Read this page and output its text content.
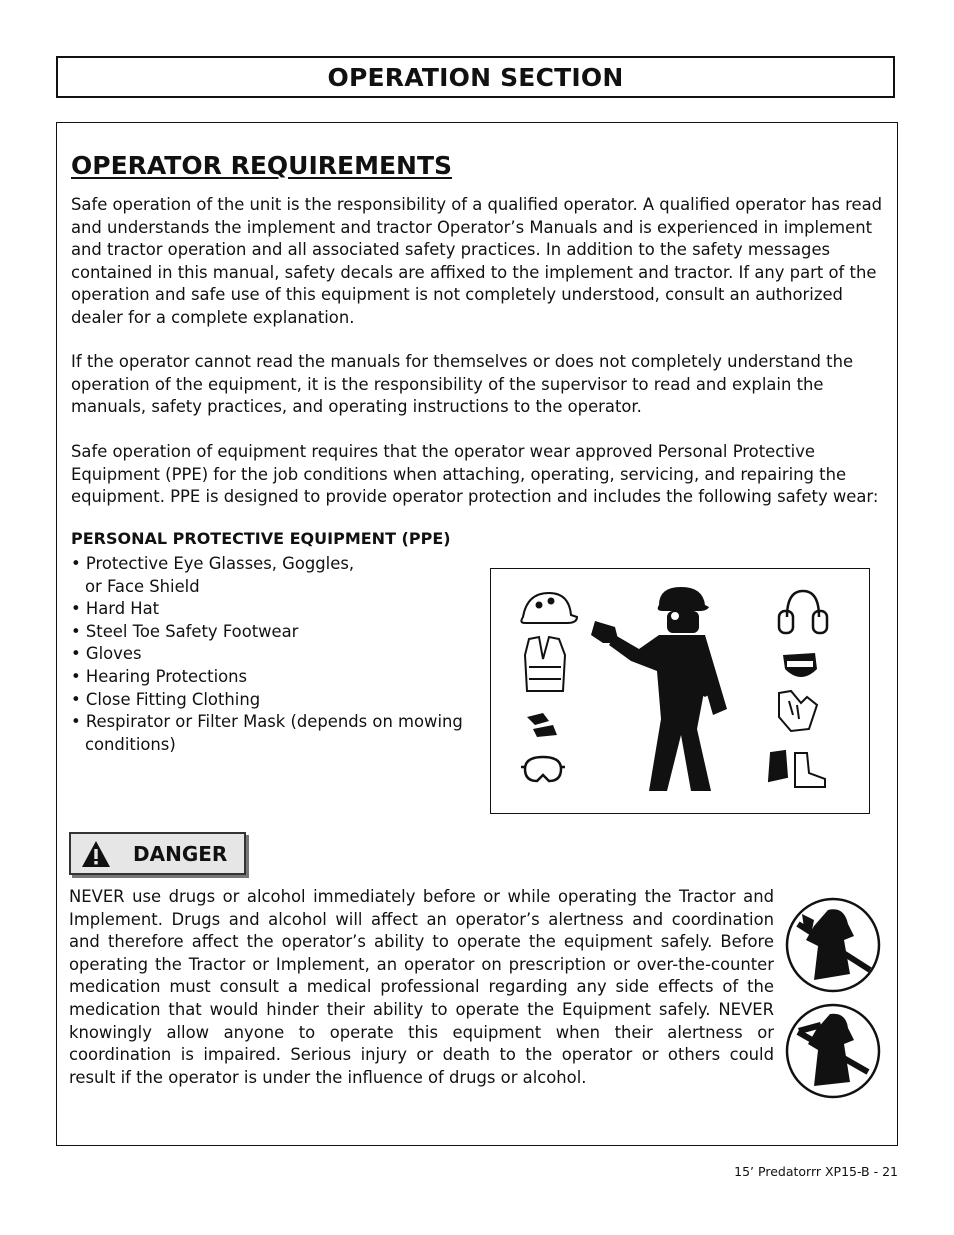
OPERATION SECTION
OPERATOR REQUIREMENTS

Safe operation of the unit is the responsibility of a qualified operator. A qualified operator has read and understands the implement and tractor Operator’s Manuals and is experienced in implement and tractor operation and all associated safety practices. In addition to the safety messages contained in this manual, safety decals are affixed to the implement and tractor. If any part of the operation and safe use of this equipment is not completely understood, consult an authorized dealer for a complete explanation.

If the operator cannot read the manuals for themselves or does not completely understand the operation of the equipment, it is the responsibility of the supervisor to read and explain the manuals, safety practices, and operating instructions to the operator.

Safe operation of equipment requires that the operator wear approved Personal Protective Equipment (PPE) for the job conditions when attaching, operating, servicing, and repairing the equipment. PPE is designed to provide operator protection and includes the following safety wear:

PERSONAL PROTECTIVE EQUIPMENT (PPE)

• Protective Eye Glasses, Goggles,
or Face Shield
• Hard Hat
• Steel Toe Safety Footwear
• Gloves
• Hearing Protections
• Close Fitting Clothing
• Respirator or Filter Mask (depends on mowing
conditions)
DANGER

NEVER use drugs or alcohol immediately before or while operating the Tractor and Implement. Drugs and alcohol will affect an operator’s alertness and coordination and therefore affect the operator’s ability to operate the equipment safely. Before operating the Tractor or Implement, an operator on prescription or over-the-counter medication must consult a medical professional regarding any side effects of the medication that would hinder their ability to operate the Equipment safely. NEVER knowingly allow anyone to operate this equipment when their alertness or coordination is impaired. Serious injury or death to the operator or others could result if the operator is under the influence of drugs or alcohol.

15’ Predatorrr XP15-B - 21
